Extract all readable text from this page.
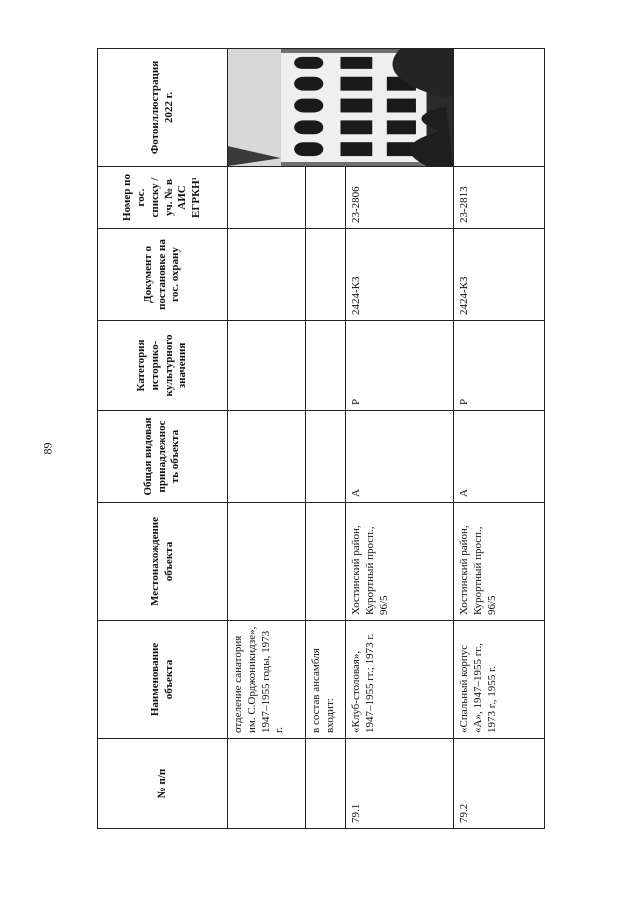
89
№ п/п	Наименование объекта	Местонахождение объекта	Общая видовая принадлежнос ть объекта	Категория историко-культурного значения	Документ о постановке на гос. охрану	Номер по гос. списку /уч. № в АИС ЕГРКН¹	Фотоиллюстрация 2022 г.
	отделение санатория им. С.Орджоникидзе», 1947–1955 годы, 1973 г.						

	в состав ансамбля входит:						
79.1	«Клуб-столовая», 1947–1955 гг.; 1973 г.	Хостинский район, Курортный просп., 96/5	А	Р	2424-КЗ	23-2806	
79.2	«Спальный корпус «А», 1947–1955 гг., 1973 г., 1955 г.	Хостинский район, Курортный просп., 96/5	А	Р	2424-КЗ	23-2813	
